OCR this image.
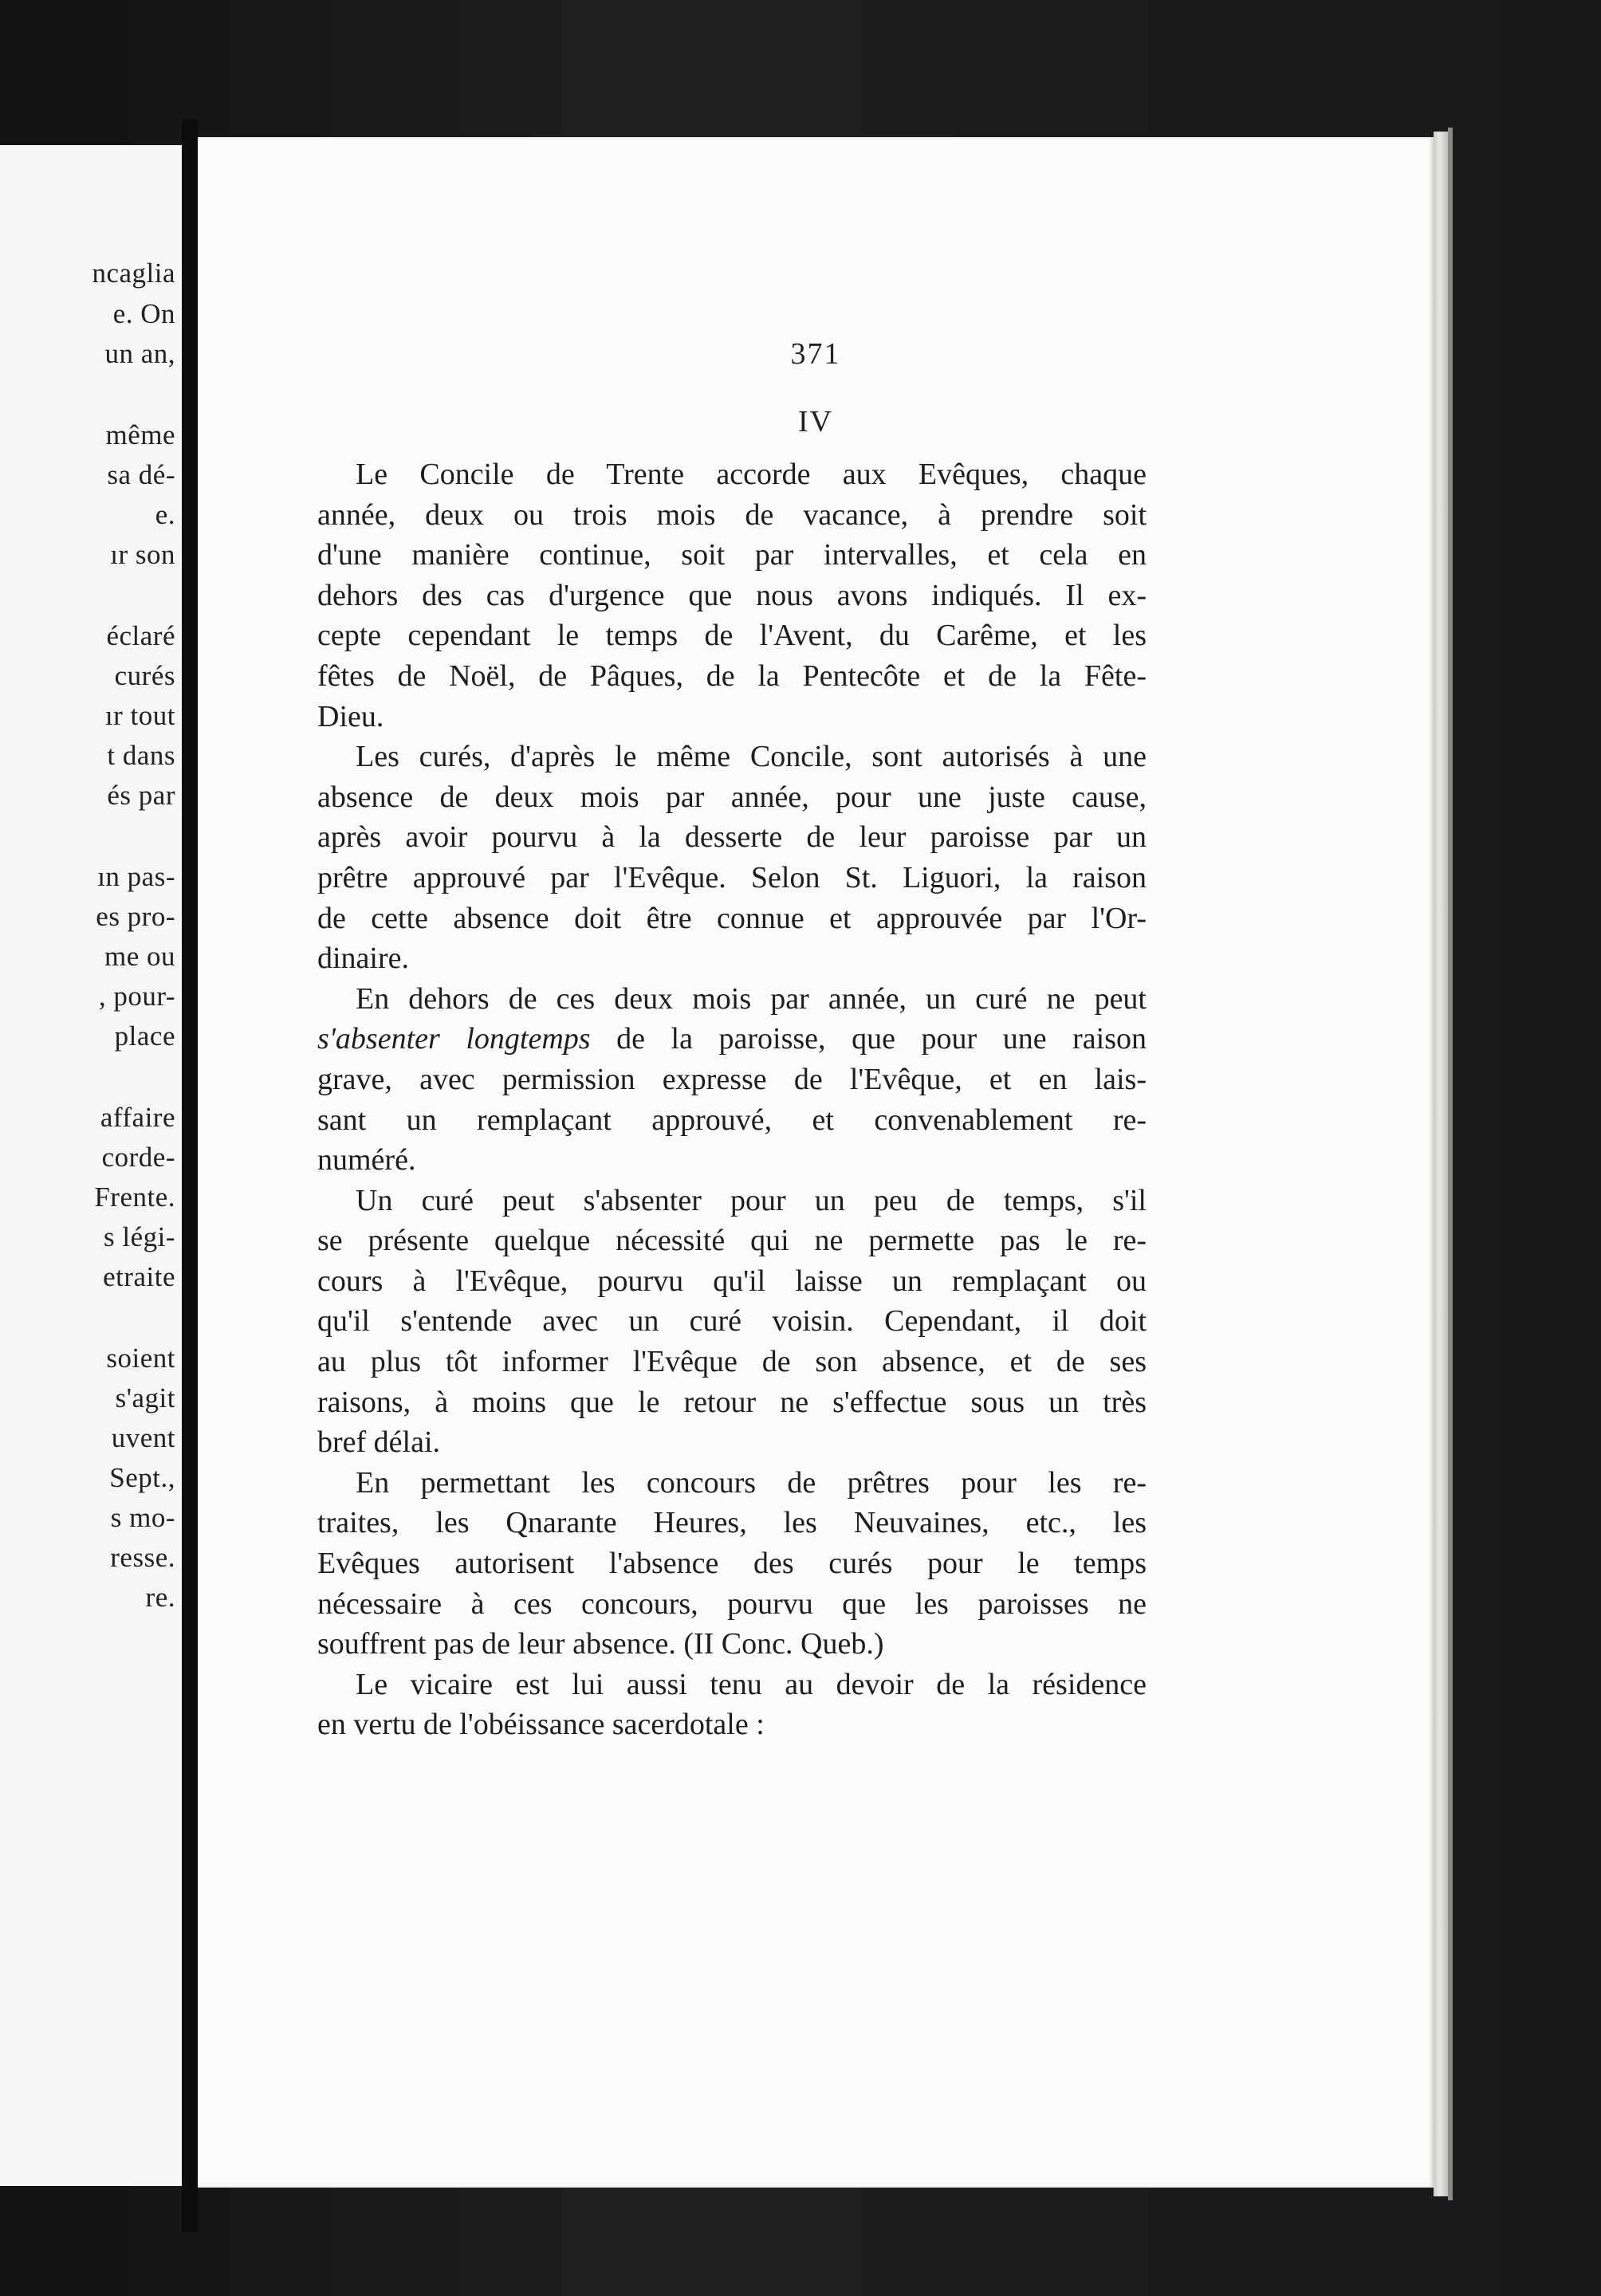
ncaglia
e. On
un an,
même
sa dé-
e.
ır son
éclaré
curés
ır tout
t dans
és par
ın pas-
es pro-
me ou
, pour-
place
affaire
corde-
Frente.
s légi-
etraite
soient
s'agit
uvent
Sept.,
s mo-
resse.
re.
371
IV
Le Concile de Trente accorde aux Evêques, chaque
année, deux ou trois mois de vacance, à prendre soit
d'une manière continue, soit par intervalles, et cela en
dehors des cas d'urgence que nous avons indiqués. Il ex-
cepte cependant le temps de l'Avent, du Carême, et les
fêtes de Noël, de Pâques, de la Pentecôte et de la Fête-
Dieu.
Les curés, d'après le même Concile, sont autorisés à une
absence de deux mois par année, pour une juste cause,
après avoir pourvu à la desserte de leur paroisse par un
prêtre approuvé par l'Evêque. Selon St. Liguori, la raison
de cette absence doit être connue et approuvée par l'Or-
dinaire.
En dehors de ces deux mois par année, un curé ne peut
s'absenter longtemps de la paroisse, que pour une raison
grave, avec permission expresse de l'Evêque, et en lais-
sant un remplaçant approuvé, et convenablement re-
numéré.
Un curé peut s'absenter pour un peu de temps, s'il
se présente quelque nécessité qui ne permette pas le re-
cours à l'Evêque, pourvu qu'il laisse un remplaçant ou
qu'il s'entende avec un curé voisin. Cependant, il doit
au plus tôt informer l'Evêque de son absence, et de ses
raisons, à moins que le retour ne s'effectue sous un très
bref délai.
En permettant les concours de prêtres pour les re-
traites, les Qnarante Heures, les Neuvaines, etc., les
Evêques autorisent l'absence des curés pour le temps
nécessaire à ces concours, pourvu que les paroisses ne
souffrent pas de leur absence. (II Conc. Queb.)
Le vicaire est lui aussi tenu au devoir de la résidence
en vertu de l'obéissance sacerdotale :
